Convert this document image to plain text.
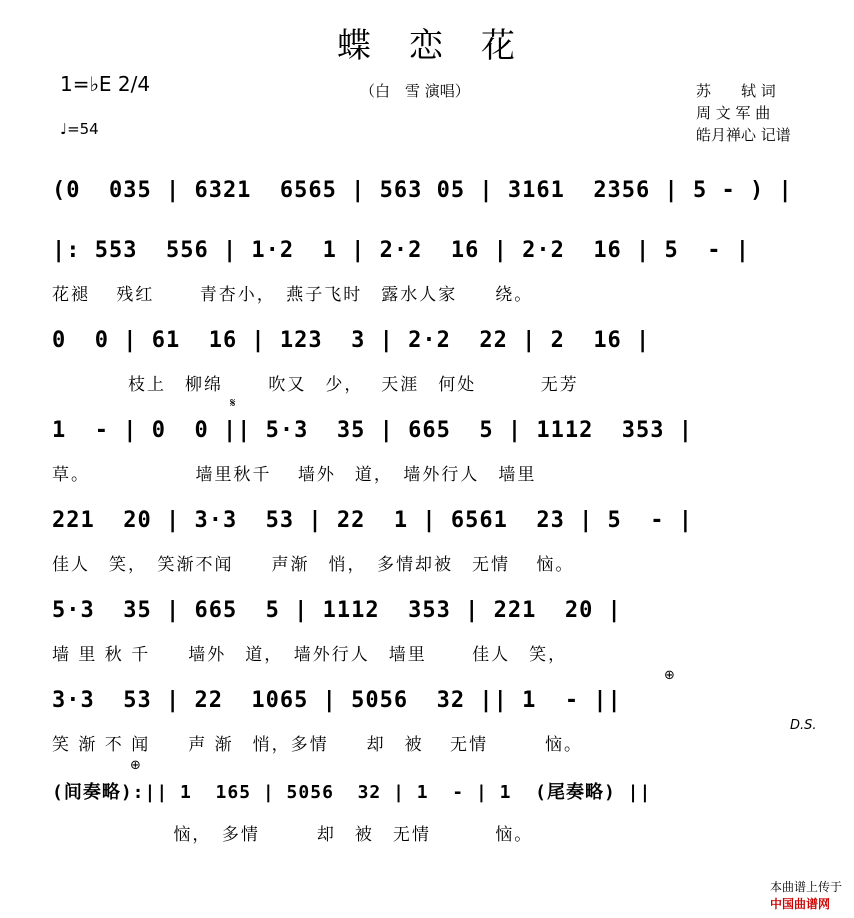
蝶　恋　花
（白　雪 演唱）
1=♭E 2/4
♩=54
苏　　轼 词
周 文 军 曲
皓月禅心 记谱
(0  035 | 6321  6565 | 563 05 | 3161  2356 | 5 - ) |
|: 553  556 | 1·2  1 | 2·2  16 | 2·2  16 | 5  - |
花褪　 残红　　 青杏小，　燕子飞时　露水人家　　绕。
0  0 | 61  16 | 123  3 | 2·2  22 | 2  16 |
　　　　枝上　柳绵　　 吹又　少，　 天涯　何处　　　 无芳
𝄋
1  - | 0  0 || 5·3  35 | 665  5 | 1112  353 |
草。　　　　　　墙里秋千　 墙外　道，　墙外行人　墙里
221  20 | 3·3  53 | 22  1 | 6561  23 | 5  - |
佳人　笑，　笑渐不闻　　声渐　悄，　多情却被　无情　 恼。
5·3  35 | 665  5 | 1112  353 | 221  20 |
墙 里 秋 千　　墙外　道，　墙外行人　墙里　　 佳人　笑，
⊕
3·3  53 | 22  1065 | 5056  32 || 1  - ||
笑 渐 不 闻　　声 渐　悄，多情　　却　被　 无情　　　恼。
D.S.
⊕
(间奏略):|| 1  165 | 5056  32 | 1  - | 1  (尾奏略) ||
　　　　　　 恼，　多情　　　却　被　无情　　　 恼。

本曲谱上传于
中国曲谱网
